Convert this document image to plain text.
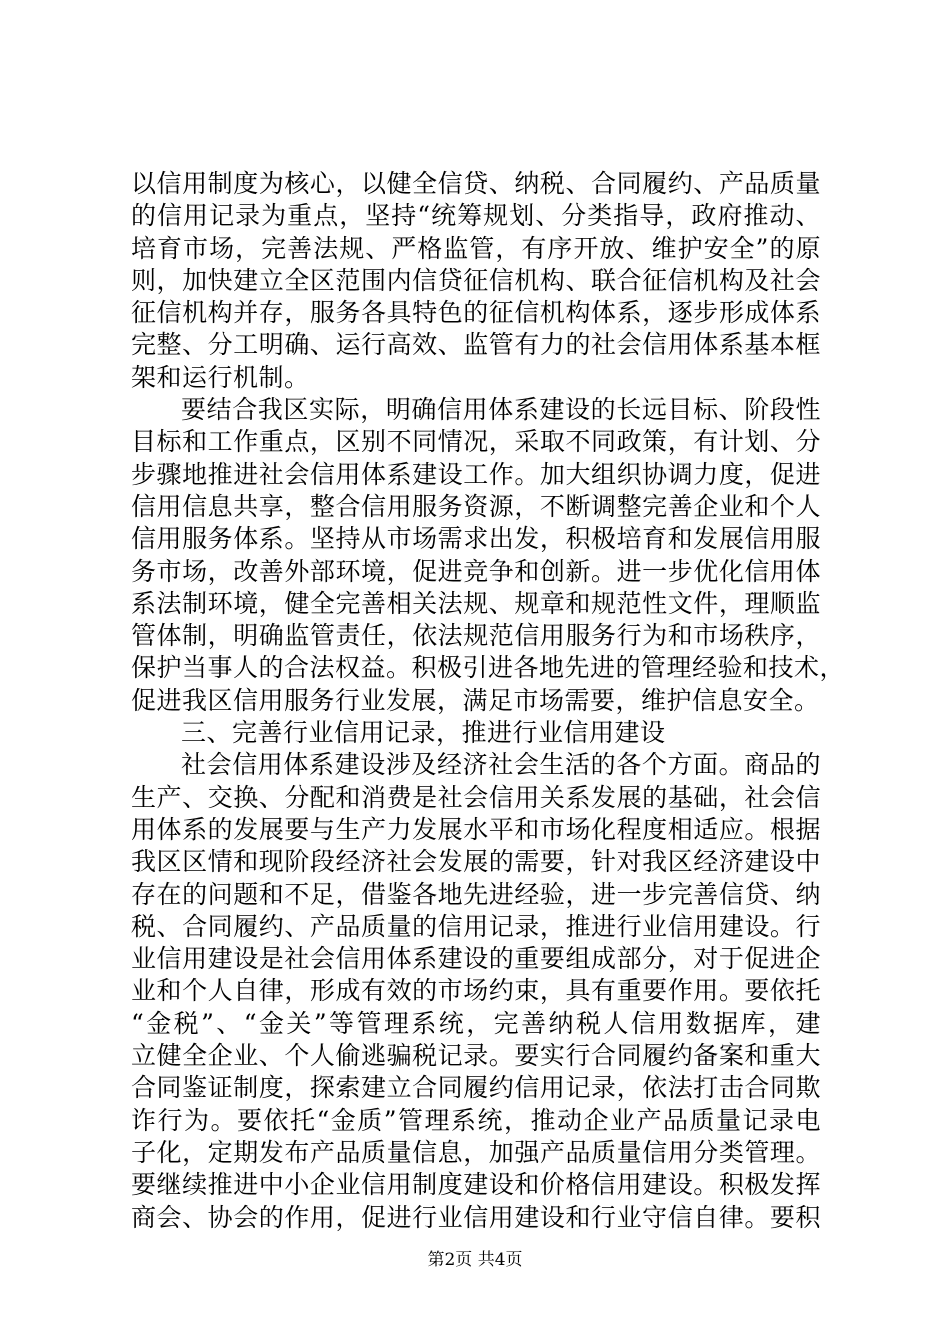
以信用制度为核心，以健全信贷、纳税、合同履约、产品质量
的信用记录为重点，坚持“统筹规划、分类指导，政府推动、
培育市场，完善法规、严格监管，有序开放、维护安全”的原
则，加快建立全区范围内信贷征信机构、联合征信机构及社会
征信机构并存，服务各具特色的征信机构体系，逐步形成体系
完整、分工明确、运行高效、监管有力的社会信用体系基本框
架和运行机制。
要结合我区实际，明确信用体系建设的长远目标、阶段性
目标和工作重点，区别不同情况，采取不同政策，有计划、分
步骤地推进社会信用体系建设工作。加大组织协调力度，促进
信用信息共享，整合信用服务资源，不断调整完善企业和个人
信用服务体系。坚持从市场需求出发，积极培育和发展信用服
务市场，改善外部环境，促进竞争和创新。进一步优化信用体
系法制环境，健全完善相关法规、规章和规范性文件，理顺监
管体制，明确监管责任，依法规范信用服务行为和市场秩序，
保护当事人的合法权益。积极引进各地先进的管理经验和技术，
促进我区信用服务行业发展，满足市场需要，维护信息安全。
三、完善行业信用记录，推进行业信用建设
社会信用体系建设涉及经济社会生活的各个方面。商品的
生产、交换、分配和消费是社会信用关系发展的基础，社会信
用体系的发展要与生产力发展水平和市场化程度相适应。根据
我区区情和现阶段经济社会发展的需要，针对我区经济建设中
存在的问题和不足，借鉴各地先进经验，进一步完善信贷、纳
税、合同履约、产品质量的信用记录，推进行业信用建设。行
业信用建设是社会信用体系建设的重要组成部分，对于促进企
业和个人自律，形成有效的市场约束，具有重要作用。要依托
“金税”、“金关”等管理系统，完善纳税人信用数据库，建
立健全企业、个人偷逃骗税记录。要实行合同履约备案和重大
合同鉴证制度，探索建立合同履约信用记录，依法打击合同欺
诈行为。要依托“金质”管理系统，推动企业产品质量记录电
子化，定期发布产品质量信息，加强产品质量信用分类管理。
要继续推进中小企业信用制度建设和价格信用建设。积极发挥
商会、协会的作用，促进行业信用建设和行业守信自律。要积
第2页 共4页
